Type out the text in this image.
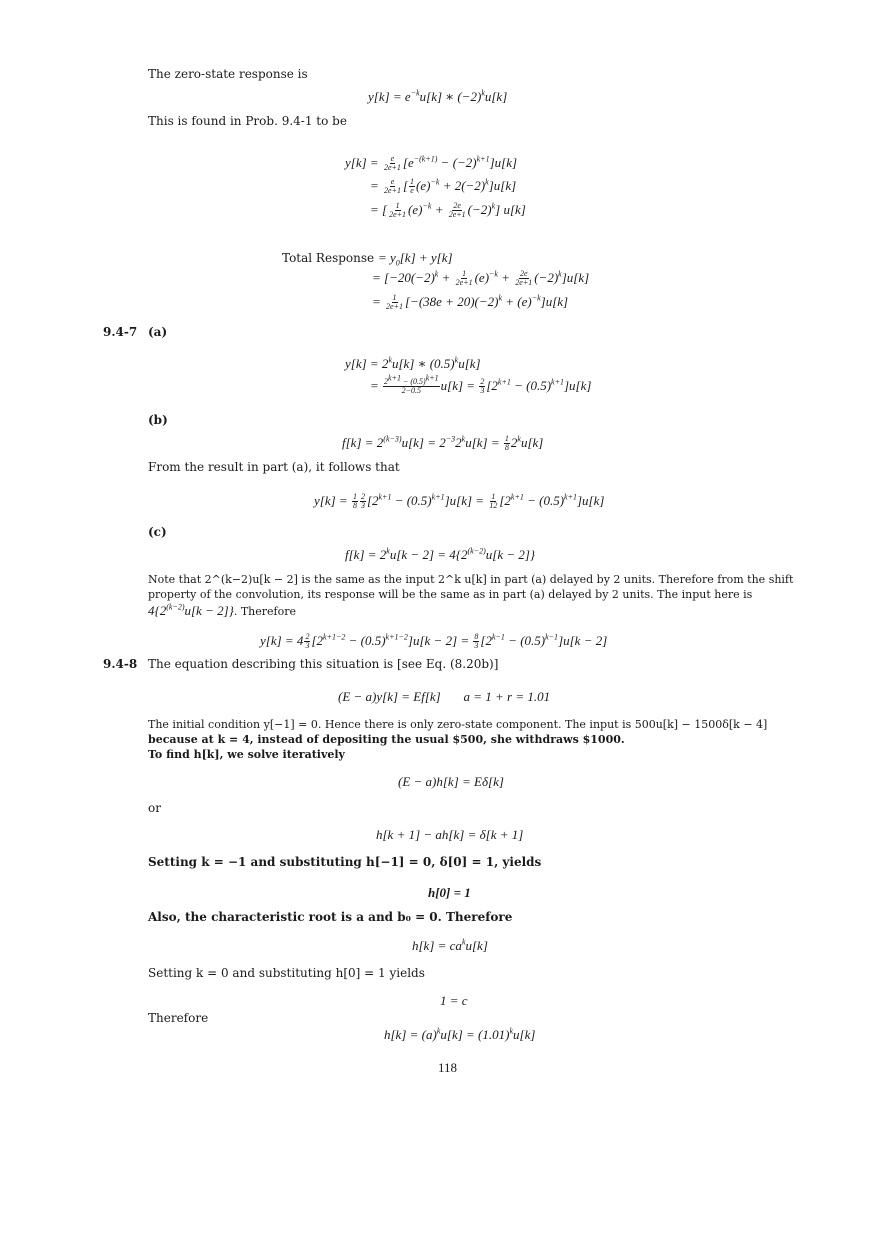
The zero-state response is
$y[k] = e^{-k}u[k]$ ∗ $(-2)^ku[k]$
This is found in Prob. 9.4-1 to be
$y[k] = \frac{e}{2e+1} [e^{-(k+1)} - (-2)^{k+1}]u[k]$
= $\frac{e}{2e+1}$ [ $\frac{1}{e} (e)^{-k} + 2(-2)^k]u[k]$
= [ $\frac{1}{2e+1} (e)^{-k} + \frac{2e}{2e+1} (-2)^k$] u[k]
Total Response = $y_0[k] + y[k]$
= $[-20(-2)^k + \frac{1}{2e+1} (e)^{-k} + \frac{2e}{2e+1} (-2)^k]u[k]$
= $\frac{1}{2e+1} [-(38e + 20)(-2)^k + (e)^{-k}]u[k]$
9.4-7 (a)
$y[k] = 2^ku[k]$ ∗ $(0.5)^ku[k]$
= $\frac{2^{k+1} - (0.5)^{k+1}}{2-0.5} u[k] = \frac{2}{3} [2^{k+1} - (0.5)^{k+1}]u[k]$
(b)
$f[k] = 2^{(k-3)}u[k] = 2^{-3}2^ku[k] = \frac{1}{8} 2^ku[k]$
From the result in part (a), it follows that
$y[k] = \frac{1}{8} \frac{2}{3} [2^{k+1} - (0.5)^{k+1}]u[k] = \frac{1}{12} [2^{k+1} - (0.5)^{k+1}]u[k]$
(c)
$f[k] = 2^ku[k - 2] = 4\{2^{(k-2)}u[k - 2]\}$
Note that 2^(k−2)u[k − 2] is the same as the input 2^k u[k] in part (a) delayed by 2 units. Therefore from the shift
property of the convolution, its response will be the same as in part (a) delayed by 2 units. The input here is
$4\{2^{(k-2)}u[k - 2]\}$. Therefore
$y[k] = 4 \frac{2}{3} [2^{k+1-2} - (0.5)^{k+1-2}]u[k - 2] = \frac{8}{3} [2^{k-1} - (0.5)^{k-1}]u[k - 2]$
9.4-8 The equation describing this situation is [see Eq. (8.20b)]
(E − a)y[k] = Ef[k]       a = 1 + r = 1.01
The initial condition y[−1] = 0. Hence there is only zero-state component. The input is 500u[k] − 1500δ[k − 4]
because at k = 4, instead of depositing the usual $500, she withdraws $1000.
To find h[k], we solve iteratively
(E − a)h[k] = Eδ[k]
or
h[k + 1] − ah[k] = δ[k + 1]
Setting k = −1 and substituting h[−1] = 0, δ[0] = 1, yields
h[0] = 1
Also, the characteristic root is a and b₀ = 0. Therefore
$h[k] = ca^ku[k]$
Setting k = 0 and substituting h[0] = 1 yields
1 = c
Therefore
$h[k] = (a)^ku[k] = (1.01)^ku[k]$
118
